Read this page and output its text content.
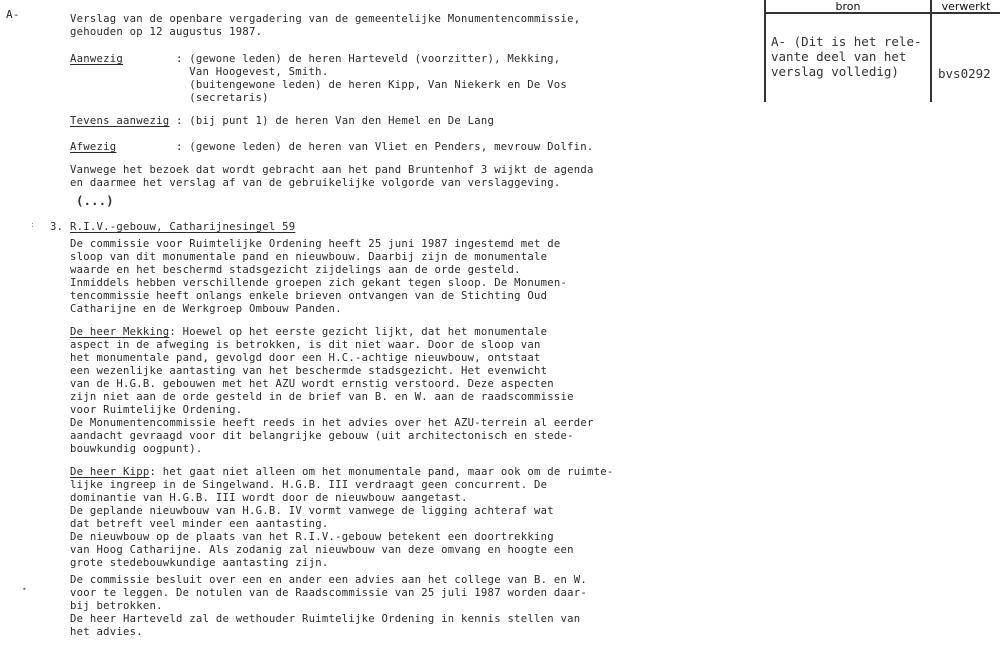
A-	Verslag van de openbare vergadering van de gemeentelijke Monumentencommissie,
gehouden op 12 augustus 1987.
Aanwezig	: (gewone leden) de heren Harteveld (voorzitter), Mekking,
Van Hoogevest, Smith.
(buitengewone leden) de heren Kipp, Van Niekerk en De Vos
(secretaris)
Tevens aanwezig : (bij punt 1) de heren Van den Hemel en De Lang
Afwezig	: (gewone leden) de heren van Vliet en Penders, mevrouw Dolfin.
Vanwege het bezoek dat wordt gebracht aan het pand Bruntenhof 3 wijkt de agenda
en daarmee het verslag af van de gebruikelijke volgorde van verslaggeving.
(...)
bron	verwerkt
A- (Dit is het rele-
vante deel van het
verslag volledig)	bvs0292
: 3. R.I.V.-gebouw, Catharijnesingel 59
De commissie voor Ruimtelijke Ordening heeft 25 juni 1987 ingestemd met de
sloop van dit monumentale pand en nieuwbouw. Daarbij zijn de monumentale
waarde en het beschermd stadsgezicht zijdelings aan de orde gesteld.
Inmiddels hebben verschillende groepen zich gekant tegen sloop. De Monumen-
tencommissie heeft onlangs enkele brieven ontvangen van de Stichting Oud
Catharijne en de Werkgroep Ombouw Panden.
De heer Mekking: Hoewel op het eerste gezicht lijkt, dat het monumentale
aspect in de afweging is betrokken, is dit niet waar. Door de sloop van
het monumentale pand, gevolgd door een H.C.-achtige nieuwbouw, ontstaat
een wezenlijke aantasting van het beschermde stadsgezicht. Het evenwicht
van de H.G.B. gebouwen met het AZU wordt ernstig verstoord. Deze aspecten
zijn niet aan de orde gesteld in de brief van B. en W. aan de raadscommissie
voor Ruimtelijke Ordening.
De Monumentencommissie heeft reeds in het advies over het AZU-terrein al eerder
aandacht gevraagd voor dit belangrijke gebouw (uit architectonisch en stede-
bouwkundig oogpunt).
De heer Kipp: het gaat niet alleen om het monumentale pand, maar ook om de ruimte-
lijke ingreep in de Singelwand. H.G.B. III verdraagt geen concurrent. De
dominantie van H.G.B. III wordt door de nieuwbouw aangetast.
De geplande nieuwbouw van H.G.B. IV vormt vanwege de ligging achteraf wat
dat betreft veel minder een aantasting.
De nieuwbouw op de plaats van het R.I.V.-gebouw betekent een doortrekking
van Hoog Catharijne. Als zodanig zal nieuwbouw van deze omvang en hoogte een
grote stedebouwkundige aantasting zijn.
•
De commissie besluit over een en ander een advies aan het college van B. en W.
voor te leggen. De notulen van de Raadscommissie van 25 juli 1987 worden daar-
bij betrokken.
De heer Harteveld zal de wethouder Ruimtelijke Ordening in kennis stellen van
het advies.
